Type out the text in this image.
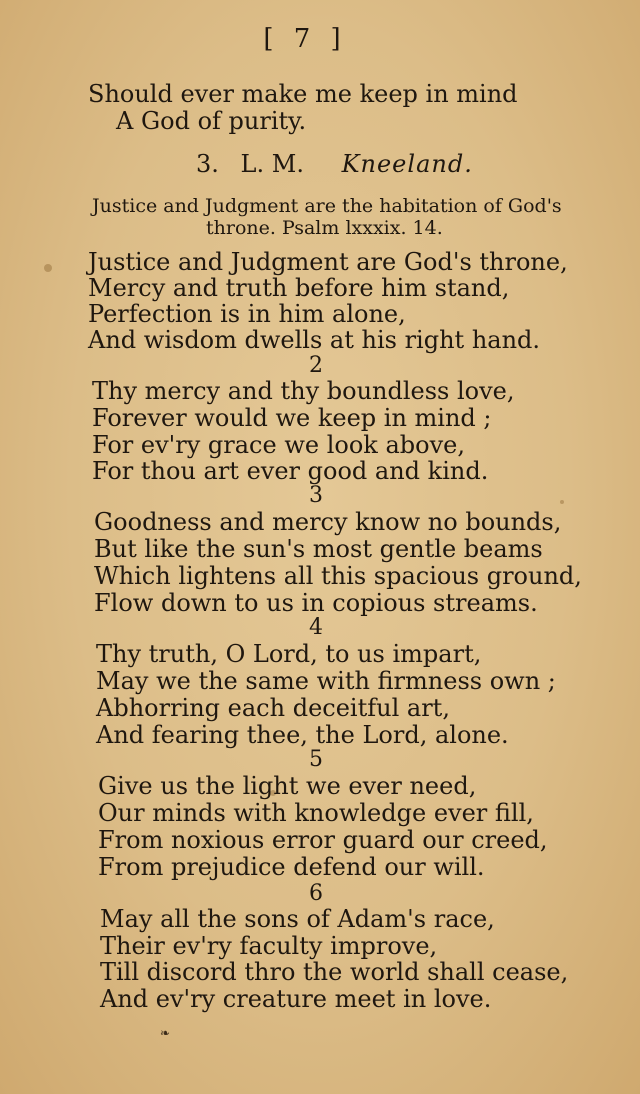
[ 7 ]
Should ever make me keep in mind
A God of purity.
3. L. M. Kneeland.
Justice and Judgment are the habitation of God's
throne. Psalm lxxxix. 14.
Justice and Judgment are God's throne,
Mercy and truth before him stand,
Perfection is in him alone,
And wisdom dwells at his right hand.
2
Thy mercy and thy boundless love,
Forever would we keep in mind ;
For ev'ry grace we look above,
For thou art ever good and kind.
3
Goodness and mercy know no bounds,
But like the sun's most gentle beams
Which lightens all this spacious ground,
Flow down to us in copious streams.
4
Thy truth, O Lord, to us impart,
May we the same with firmness own ;
Abhorring each deceitful art,
And fearing thee, the Lord, alone.
5
Give us the light we ever need,
Our minds with knowledge ever fill,
From noxious error guard our creed,
From prejudice defend our will.
6
May all the sons of Adam's race,
Their ev'ry faculty improve,
Till discord thro the world shall cease,
And ev'ry creature meet in love.
❧
